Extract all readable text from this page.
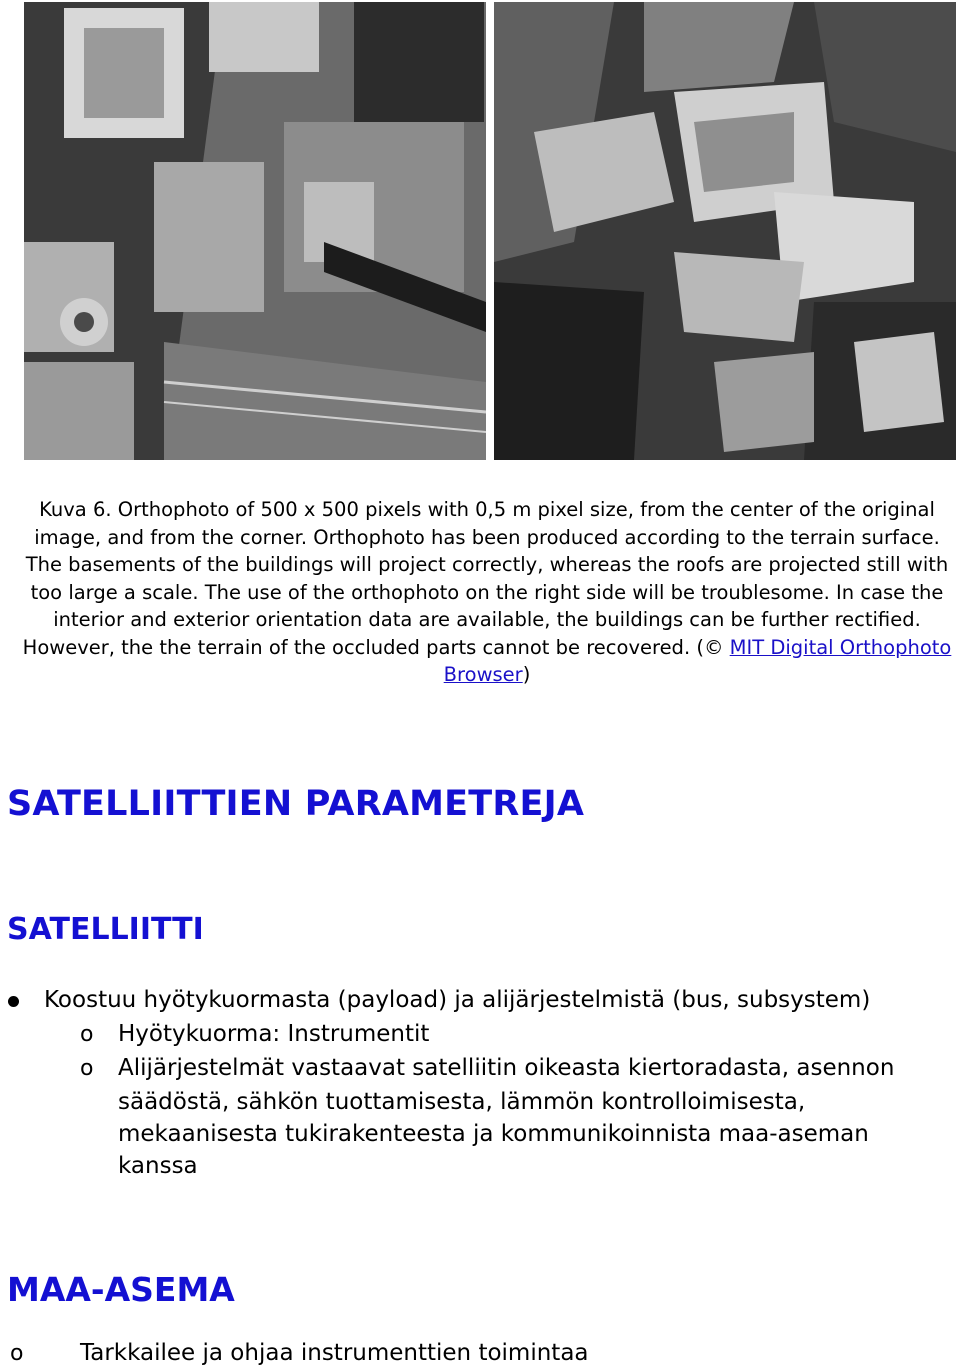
Kuva 6. Orthophoto of 500 x 500 pixels with 0,5 m pixel size, from the center of the original image, and from the corner. Orthophoto has been produced according to the terrain surface. The basements of the buildings will project correctly, whereas the roofs are projected still with too large a scale. The use of the orthophoto on the right side will be troublesome. In case the interior and exterior orientation data are available, the buildings can be further rectified. However, the the terrain of the occluded parts cannot be recovered. (© MIT Digital Orthophoto Browser)
SATELLIITTIEN PARAMETREJA
SATELLIITTI
Koostuu hyötykuormasta (payload) ja alijärjestelmistä (bus, subsystem)
o Hyötykuorma: Instrumentit
o Alijärjestelmät vastaavat satelliitin oikeasta kiertoradasta, asennon
säädöstä, sähkön tuottamisesta, lämmön kontrolloimisesta,
mekaanisesta tukirakenteesta ja kommunikoinnista maa-aseman
kanssa
MAA-ASEMA
o Tarkkailee ja ohjaa instrumenttien toimintaa
